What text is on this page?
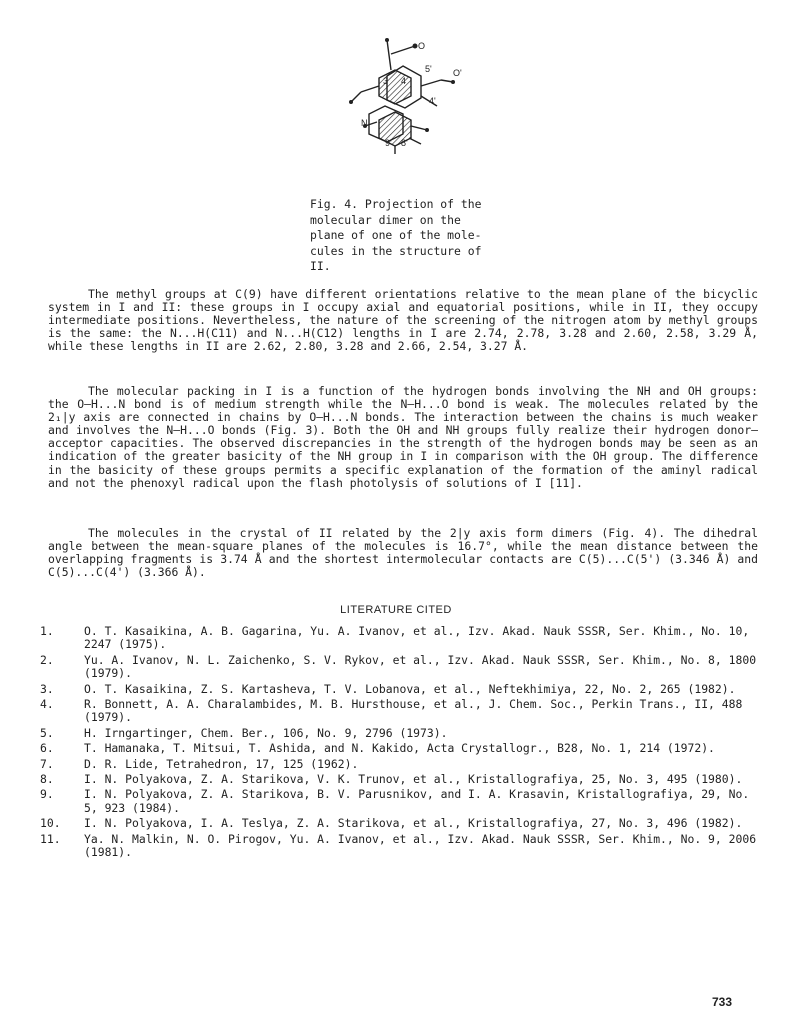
O
5' O'
4'
N
9' 8'
4
3
Fig. 4. Projection of the
molecular dimer on the
plane of one of the mole-
cules in the structure of
II.

The methyl groups at C(9) have different orientations relative to the mean plane of the bicyclic system in I and II: these groups in I occupy axial and equatorial positions, while in II, they occupy intermediate positions. Nevertheless, the nature of the screening of the nitrogen atom by methyl groups is the same: the N...H(C11) and N...H(C12) lengths in I are 2.74, 2.78, 3.28 and 2.60, 2.58, 3.29 Å, while these lengths in II are 2.62, 2.80, 3.28 and 2.66, 2.54, 3.27 Å.

The molecular packing in I is a function of the hydrogen bonds involving the NH and OH groups: the O—H...N bond is of medium strength while the N—H...O bond is weak. The molecules related by the 2₁|y axis are connected in chains by O—H...N bonds. The interaction between the chains is much weaker and involves the N—H...O bonds (Fig. 3). Both the OH and NH groups fully realize their hydrogen donor—acceptor capacities. The observed discrepancies in the strength of the hydrogen bonds may be seen as an indication of the greater basicity of the NH group in I in comparison with the OH group. The difference in the basicity of these groups permits a specific explanation of the formation of the aminyl radical and not the phenoxyl radical upon the flash photolysis of solutions of I [11].

The molecules in the crystal of II related by the 2|y axis form dimers (Fig. 4). The dihedral angle between the mean-square planes of the molecules is 16.7°, while the mean distance between the overlapping fragments is 3.74 Å and the shortest intermolecular contacts are C(5)...C(5') (3.346 Å) and C(5)...C(4') (3.366 Å).

LITERATURE CITED
1.	O. T. Kasaikina, A. B. Gagarina, Yu. A. Ivanov, et al., Izv. Akad. Nauk SSSR, Ser. Khim., No. 10, 2247 (1975).
2.	Yu. A. Ivanov, N. L. Zaichenko, S. V. Rykov, et al., Izv. Akad. Nauk SSSR, Ser. Khim., No. 8, 1800 (1979).
3.	O. T. Kasaikina, Z. S. Kartasheva, T. V. Lobanova, et al., Neftekhimiya, 22, No. 2, 265 (1982).
4.	R. Bonnett, A. A. Charalambides, M. B. Hursthouse, et al., J. Chem. Soc., Perkin Trans., II, 488 (1979).
5.	H. Irngartinger, Chem. Ber., 106, No. 9, 2796 (1973).
6.	T. Hamanaka, T. Mitsui, T. Ashida, and N. Kakido, Acta Crystallogr., B28, No. 1, 214 (1972).
7.	D. R. Lide, Tetrahedron, 17, 125 (1962).
8.	I. N. Polyakova, Z. A. Starikova, V. K. Trunov, et al., Kristallografiya, 25, No. 3, 495 (1980).
9.	I. N. Polyakova, Z. A. Starikova, B. V. Parusnikov, and I. A. Krasavin, Kristallografiya, 29, No. 5, 923 (1984).
10.	I. N. Polyakova, I. A. Teslya, Z. A. Starikova, et al., Kristallografiya, 27, No. 3, 496 (1982).
11.	Ya. N. Malkin, N. O. Pirogov, Yu. A. Ivanov, et al., Izv. Akad. Nauk SSSR, Ser. Khim., No. 9, 2006 (1981).
733
